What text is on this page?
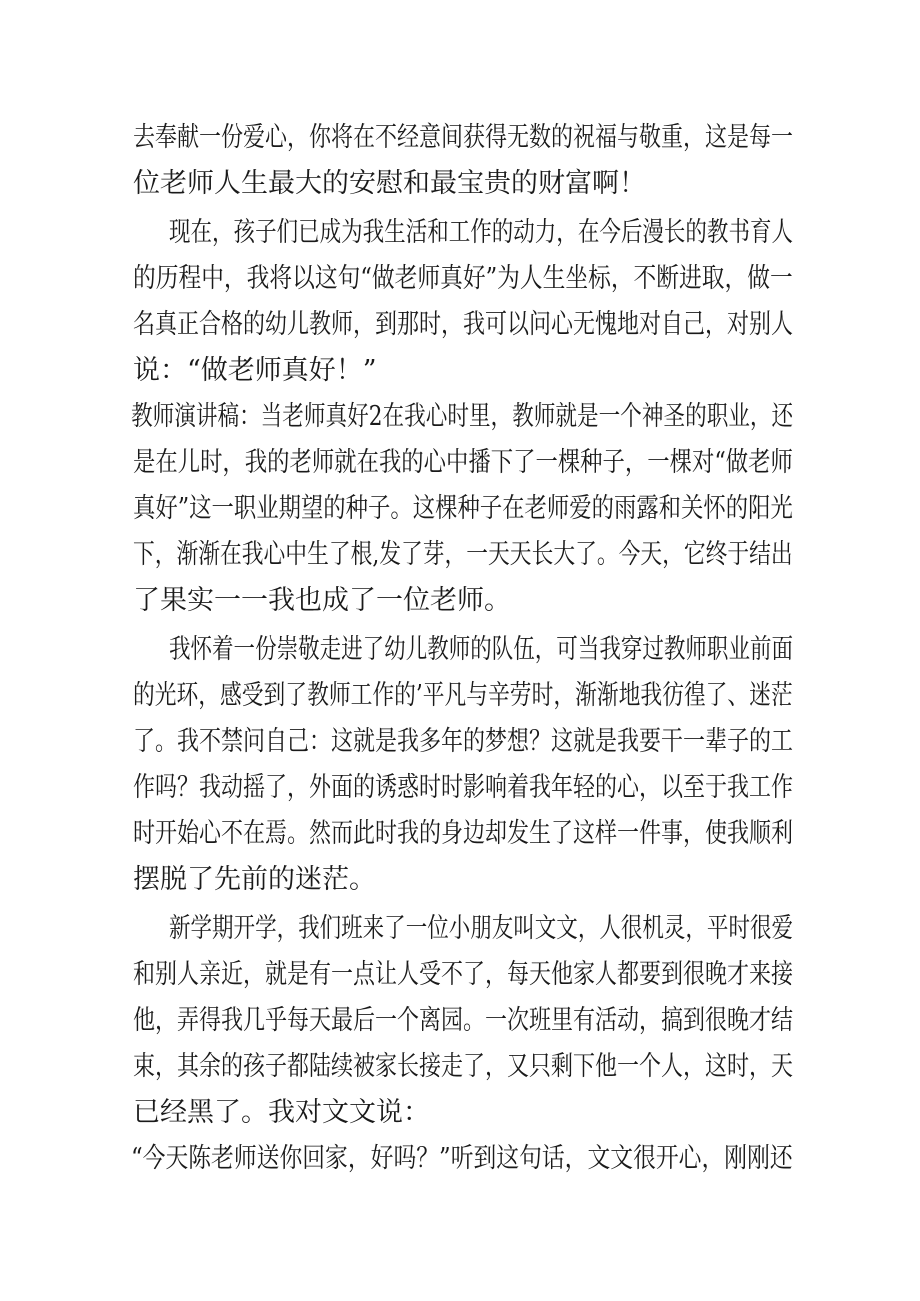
去奉献一份爱心，你将在不经意间获得无数的祝福与敬重，这是每一
位老师人生最大的安慰和最宝贵的财富啊！
现在，孩子们已成为我生活和工作的动力，在今后漫长的教书育人
的历程中，我将以这句“做老师真好”为人生坐标，不断进取，做一
名真正合格的幼儿教师，到那时，我可以问心无愧地对自己，对别人
说：“做老师真好！”
教师演讲稿：当老师真好2在我心时里，教师就是一个神圣的职业，还
是在儿时，我的老师就在我的心中播下了一棵种子，一棵对“做老师
真好”这一职业期望的种子。这棵种子在老师爱的雨露和关怀的阳光
下，渐渐在我心中生了根,发了芽，一天天长大了。今天，它终于结出
了果实一一我也成了一位老师。
我怀着一份崇敬走进了幼儿教师的队伍，可当我穿过教师职业前面
的光环，感受到了教师工作的’平凡与辛劳时，渐渐地我彷徨了、迷茫
了。我不禁问自己：这就是我多年的梦想？这就是我要干一辈子的工
作吗？我动摇了，外面的诱惑时时影响着我年轻的心，以至于我工作
时开始心不在焉。然而此时我的身边却发生了这样一件事，使我顺利
摆脱了先前的迷茫。
新学期开学，我们班来了一位小朋友叫文文，人很机灵，平时很爱
和别人亲近，就是有一点让人受不了，每天他家人都要到很晚才来接
他，弄得我几乎每天最后一个离园。一次班里有活动，搞到很晚才结
束，其余的孩子都陆续被家长接走了，又只剩下他一个人，这时，天
已经黑了。我对文文说：
“今天陈老师送你回家，好吗？”听到这句话，文文很开心，刚刚还
